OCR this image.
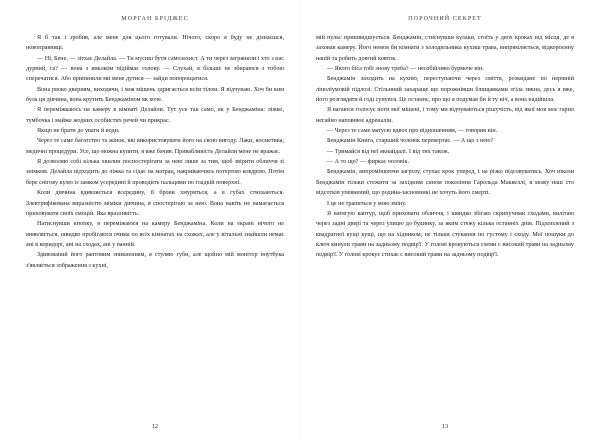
МОРГАН БРІДЖЕС

Я б так і зробив, але мене для цього готували. Нічого, скоро я буду не дізнаєшся, новоправниці.

— Ні, Бене, — зітхає Делайла. — Ти мусиш бути самозахист. А ти через загрянили і хто з нас дурний, га? — вона з виклком підіймає голову. — Слухай, я більше не збираюся з тобою сперечатися. Або припинили ми мене дутися — зайди попорощатися.

Вона рвоко двериям, виходячи, і моя мішень здригається всім тілом. Я відчуваю. Хоч би ким була ця дівчина, вона крутить Бенджаміном як хоче.

Я переміжкаюсь на камеру в кімнаті Делайли. Тут усе так само, як у Бенджаміна: ліжко, тумбочка і майже жодних особистих речей чи прикрас.

Якщо не брати до уваги й води.

Через те саме багатство та жінок, яві використовувати його на свою вигоду. Лаки, косметика, медичні процедури. Усе, що можна купити, я вже бачив. Привабливість Делайли мене не вражає.

Я дозволяю собі кілька хвилин поспостерігати за нею лише за тим, щоб звірити обличчя зі знімком. Делайла підходить до ліжка та сідає на матрац, накриваючись потертою ковдрою. Потім бере снігову кулю із замком усередині й проводить пальцями по гладкій поверхні.

Коли дівчина вдивляється всередину, її брови хмуряться, а в губах стискаються. Злектрифікована виразністю міміки дівчина, я спостерігаю за нею. Вона навіть не намагається приховувати своїх емоцій. Яка вразливість.

Натиснувши кнопку, я переміжаюся на камеру Бенджаміна. Коли на екрані нічого не виявляється, швидко пробігаюся очима по всіх кімнатах на схожах, але у вітальні знайшли немає ані в коридорі, ані на сходах, ані у ванній.

Здивований його раптовим зникненням, я стуляю губи, але щойно мій монітор ноутбука з'являється зображення з кухні,

12
ПОРОЧНИЙ СЕКРЕТ

мій пульс пришвидшується. Бенджамін, стиснувши кулаки, стоїть у двох кроках від місця, де я заховав камеру. Його немов би кімнати з холодильника кухиш трава, випрямляється, відкороєнну напій та робить довгий ковток.

— Якого біса тобі знову треба? — неозбійливо бурмоче він.

Бенджамін заходить на кухню, переступаючи через сміття, розкидане по нерівній ліноліумовій підлозі. Стільнний захараще ще порожнівши блищавками згіла зикна, десь я вже, його розглядати й годі сунувся. Це останнє, про що я подумав би й ту ніч, а вона надійшла.

Я вагаюся голосує ноги мої мішені, і тому ми відчуваються рішучість, від якої мов моє гарно негайно наповнює адреналін.

— Через те саме матусю вдвох про відношенням, — говорив він.

Бенджамін Книга, старший чоловік перевертає. — А що з нею?

— Тримайся від неї якнайдалі. І від тих також.

— А то що? — фиркає чоловік.

Бенджамін, випромінюючи загрозу, ступає крок уперед, і на різко підсовуватись. Хоч ніколи Бенджамін тільки стежити за західним сином покоління Гарольда Маккеллі, я можу наш сто відсотків упевнений, що родина-засновникі не хочуть його смерті.

І це не трапиться у мою зміну.

Я натягую каптур, щоб приховати обличчя, і швидко збігаю скрипучими сходами, вилітаю через задні двері та через улицю до будинку, за яким стежу кілька останніх днів. Підхоплений з квадратної кущі кущі, що на хідником, не тільки стукання по густому і сходу. Мої пошуки до ключ кинули трави на задньому подвір'ї. У голові крокуються схеми с високий трави на задньому подвір'ї. У голові крокує стихає с високий трави на задньому подвір'ї.

13
